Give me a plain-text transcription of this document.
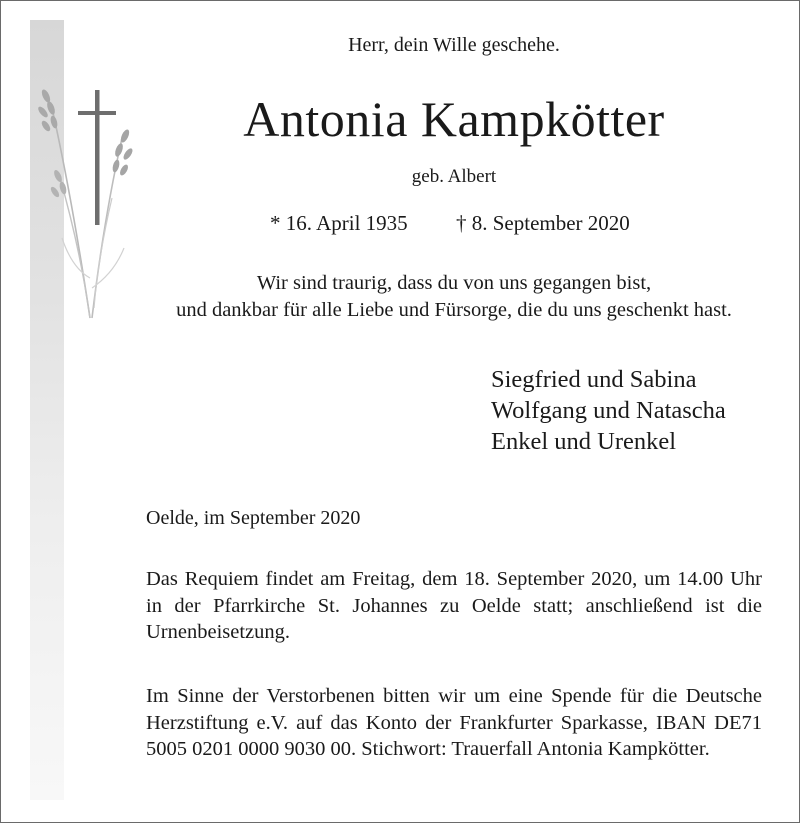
Herr, dein Wille geschehe.
Antonia Kampkötter
geb. Albert
* 16. April 1935 † 8. September 2020
Wir sind traurig, dass du von uns gegangen bist,
und dankbar für alle Liebe und Fürsorge, die du uns geschenkt hast.
Siegfried und Sabina
Wolfgang und Natascha
Enkel und Urenkel
Oelde, im September 2020
Das Requiem findet am Freitag, dem 18. September 2020, um 14.00 Uhr in der Pfarrkirche St. Johannes zu Oelde statt; anschließend ist die Urnenbeisetzung.
Im Sinne der Verstorbenen bitten wir um eine Spende für die Deutsche Herzstiftung e.V. auf das Konto der Frankfurter Sparkasse, IBAN DE71 5005 0201 0000 9030 00. Stichwort: Trauerfall Antonia Kampkötter.
